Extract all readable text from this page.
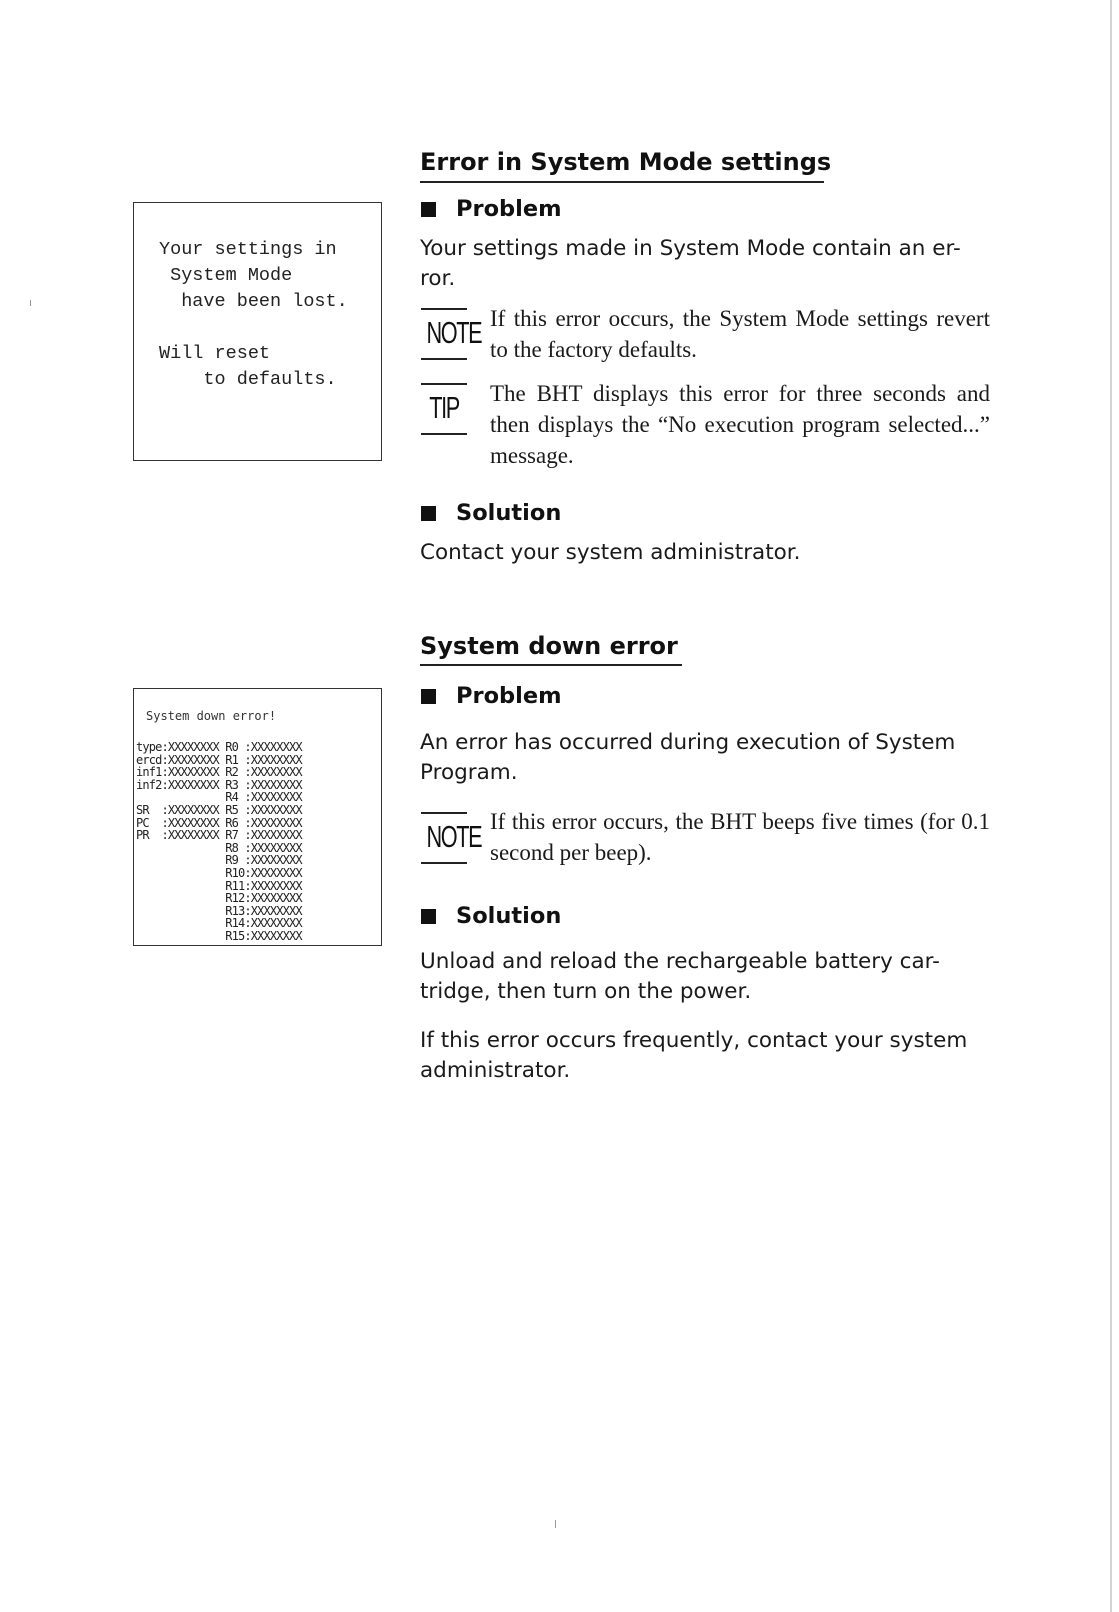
Your settings in
System Mode
have been lost.
Will reset
to defaults.
Error in System Mode settings
Problem
Your settings made in System Mode contain an er-
ror.
NOTE If this error occurs, the System Mode settings revert to the factory defaults.
TIP The BHT displays this error for three seconds and then displays the “No execution program selected...” message.
Solution
Contact your system administrator.
System down error
System down error!
type:XXXXXXXX R0 :XXXXXXXX
ercd:XXXXXXXX R1 :XXXXXXXX
inf1:XXXXXXXX R2 :XXXXXXXX
inf2:XXXXXXXX R3 :XXXXXXXX
R4 :XXXXXXXX
SR  :XXXXXXXX R5 :XXXXXXXX
PC  :XXXXXXXX R6 :XXXXXXXX
PR  :XXXXXXXX R7 :XXXXXXXX
R8 :XXXXXXXX
R9 :XXXXXXXX
R10:XXXXXXXX
R11:XXXXXXXX
R12:XXXXXXXX
R13:XXXXXXXX
R14:XXXXXXXX
R15:XXXXXXXX
Problem
An error has occurred during execution of System Program.
NOTE If this error occurs, the BHT beeps five times (for 0.1 second per beep).
Solution
Unload and reload the rechargeable battery car-tridge, then turn on the power.
If this error occurs frequently, contact your system administrator.
